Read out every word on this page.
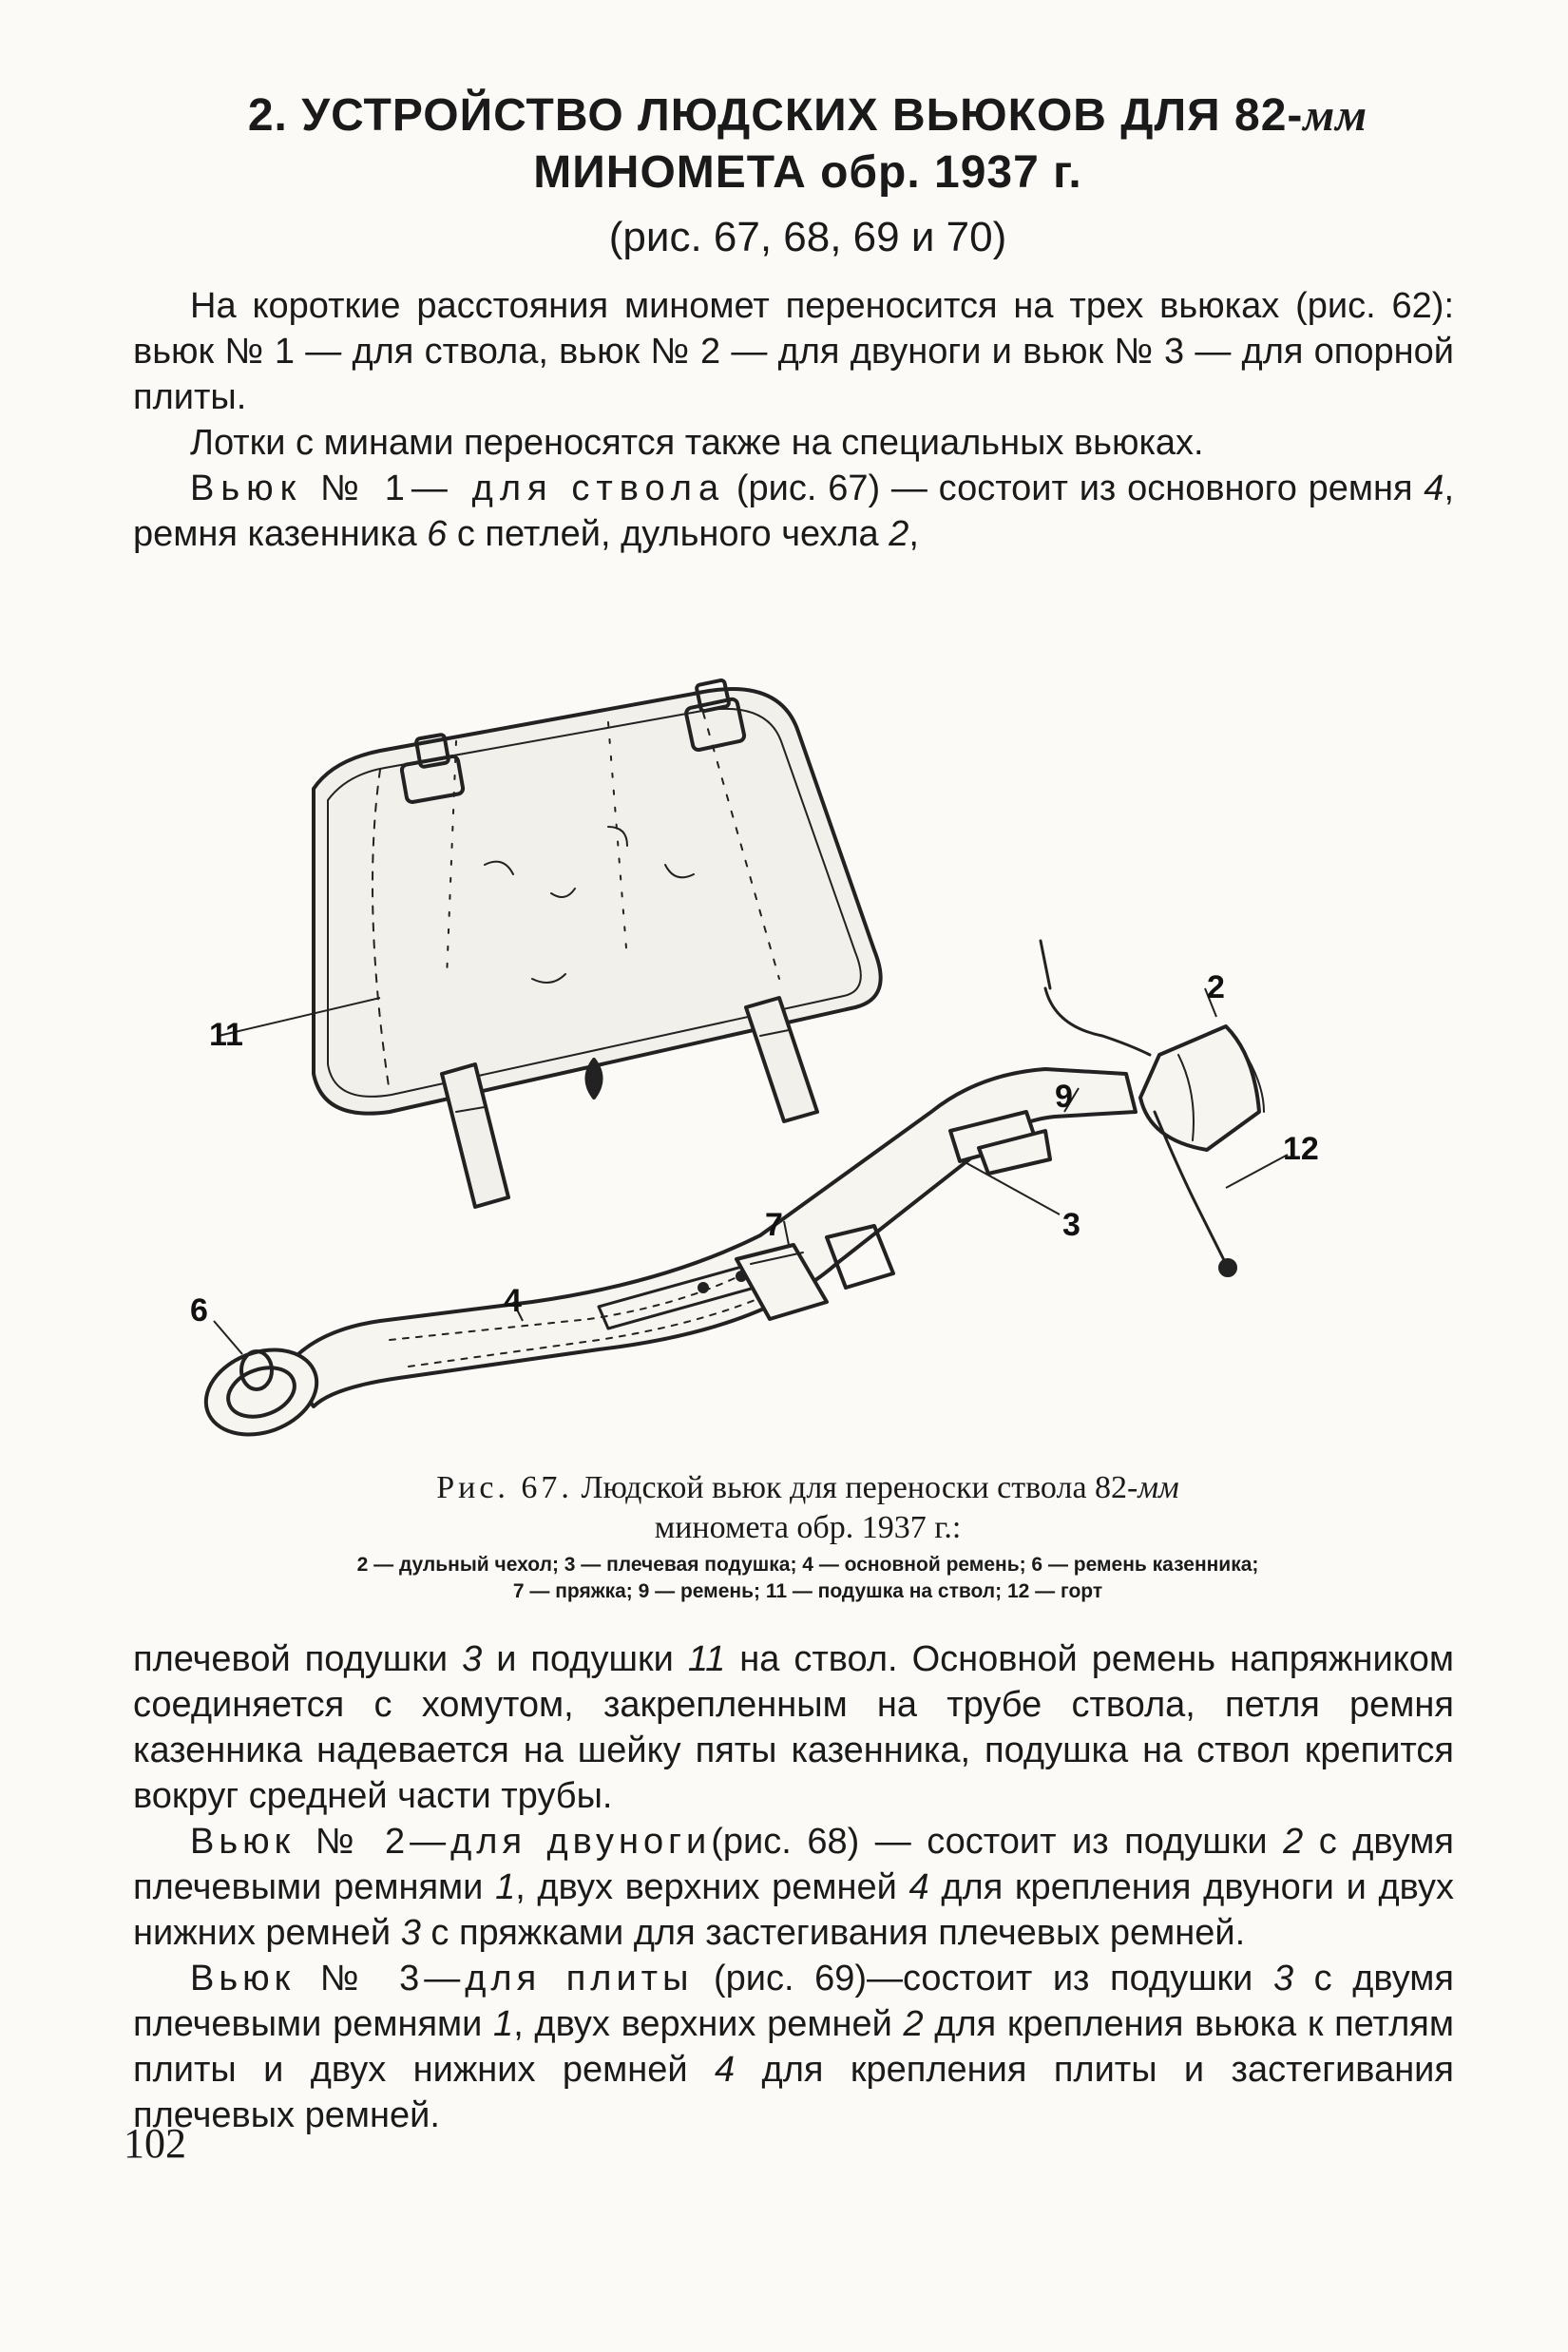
2. УСТРОЙСТВО ЛЮДСКИХ ВЬЮКОВ ДЛЯ 82-мм
МИНОМЕТА обр. 1937 г.
(рис. 67, 68, 69 и 70)

На короткие расстояния миномет переносится на трех вьюках (рис. 62): вьюк № 1 — для ствола, вьюк № 2 — для двуноги и вьюк № 3 — для опорной плиты.

Лотки с минами переносятся также на специальных вьюках.

Вьюк № 1— для ствола (рис. 67) — состоит из основного ремня 4, ремня казенника 6 с петлей, дульного чехла 2,

11
2
9
7
4
6
3
12
Рис. 67. Людской вьюк для переноски ствола 82-мм
миномета обр. 1937 г.:
2 — дульный чехол; 3 — плечевая подушка; 4 — основной ремень; 6 — ремень казенника;
7 — пряжка; 9 — ремень; 11 — подушка на ствол; 12 — горт

плечевой подушки 3 и подушки 11 на ствол. Основной ремень напряжником соединяется с хомутом, закрепленным на трубе ствола, петля ремня казенника надевается на шейку пяты казенника, подушка на ствол крепится вокруг средней части трубы.

Вьюк № 2—для двуноги(рис. 68) — состоит из подушки 2 с двумя плечевыми ремнями 1, двух верхних ремней 4 для крепления двуноги и двух нижних ремней 3 с пряжками для застегивания плечевых ремней.

Вьюк № 3—для плиты (рис. 69)—состоит из подушки 3 с двумя плечевыми ремнями 1, двух верхних ремней 2 для крепления вьюка к петлям плиты и двух нижних ремней 4 для крепления плиты и застегивания плечевых ремней.

102
